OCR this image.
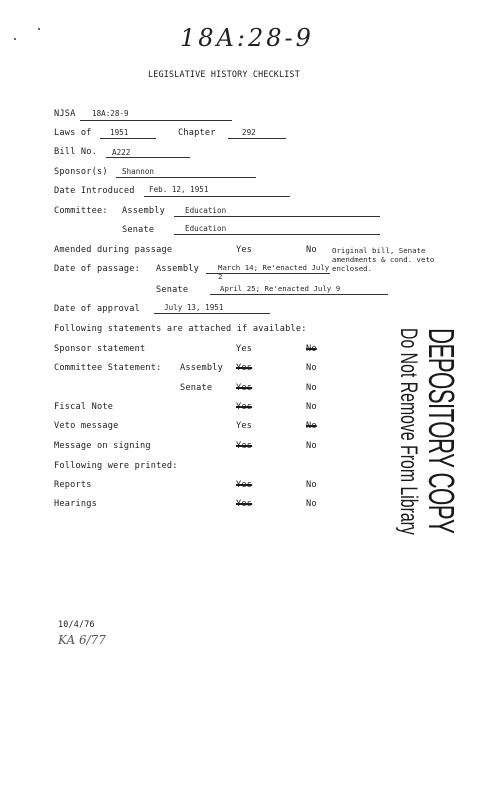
18A:28-9
LEGISLATIVE HISTORY CHECKLIST
NJSA 18A:28-9
Laws of 1951	Chapter	292
Bill No. A222
Sponsor(s) Shannon
Date Introduced Feb. 12, 1951
Committee: Assembly	Education
Senate	Education
Amended during passage	Yes	No Original bill, Senate amendments & cond. veto enclosed.
Date of passage: Assembly	March 14; Re'enacted July 2
Senate	April 25; Re'enacted July 9
Date of approval	July 13, 1951
Following statements are attached if available:
Sponsor statement	Yes	No
Committee Statement: Assembly Yes	No
Senate	Yes	No
Fiscal Note	Yes	No
Veto message	Yes	No
Message on signing	Yes	No
Following were printed:
Reports	Yes	No
Hearings	Yes	No	DEPOSITORY COPY
Do Not Remove From Library
10/4/76
KA 6/77
